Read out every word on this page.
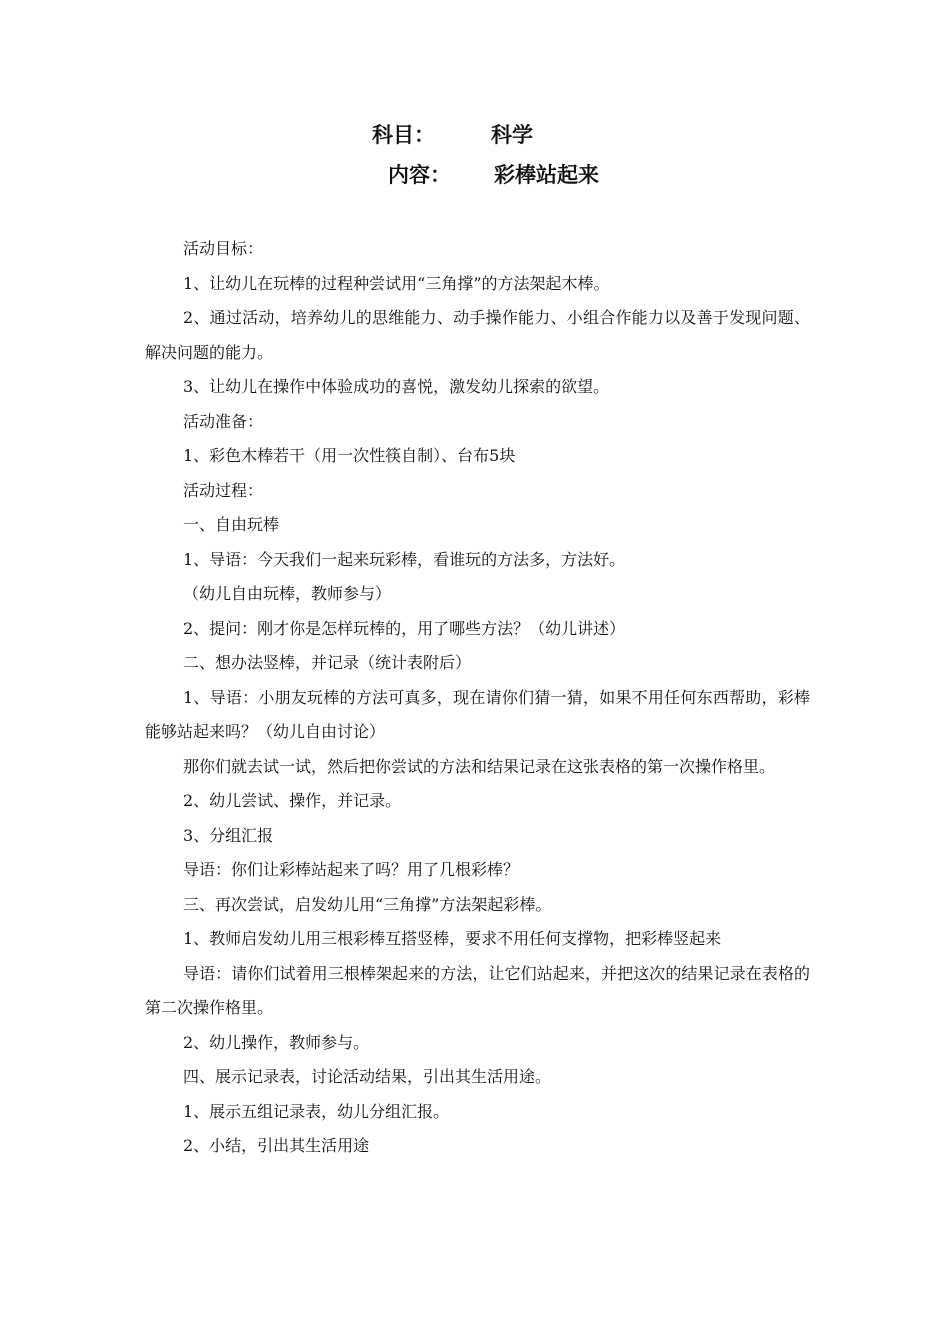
科目：	科学
内容： 彩棒站起来

活动目标：

1、让幼儿在玩棒的过程种尝试用“三角撑”的方法架起木棒。

2、通过活动，培养幼儿的思维能力、动手操作能力、小组合作能力以及善于发现问题、解决问题的能力。

3、让幼儿在操作中体验成功的喜悦，激发幼儿探索的欲望。

活动准备：

1、彩色木棒若干（用一次性筷自制）、台布5块

活动过程：

一、自由玩棒

1、导语：今天我们一起来玩彩棒，看谁玩的方法多，方法好。

（幼儿自由玩棒，教师参与）

2、提问：刚才你是怎样玩棒的，用了哪些方法？（幼儿讲述）

二、想办法竖棒，并记录（统计表附后）

1、导语：小朋友玩棒的方法可真多，现在请你们猜一猜，如果不用任何东西帮助，彩棒能够站起来吗？（幼儿自由讨论）

那你们就去试一试，然后把你尝试的方法和结果记录在这张表格的第一次操作格里。

2、幼儿尝试、操作，并记录。

3、分组汇报

导语：你们让彩棒站起来了吗？用了几根彩棒？

三、再次尝试，启发幼儿用“三角撑”方法架起彩棒。

1、教师启发幼儿用三根彩棒互搭竖棒，要求不用任何支撑物，把彩棒竖起来

导语：请你们试着用三根棒架起来的方法，让它们站起来，并把这次的结果记录在表格的第二次操作格里。

2、幼儿操作，教师参与。

四、展示记录表，讨论活动结果，引出其生活用途。

1、展示五组记录表，幼儿分组汇报。

2、小结，引出其生活用途
